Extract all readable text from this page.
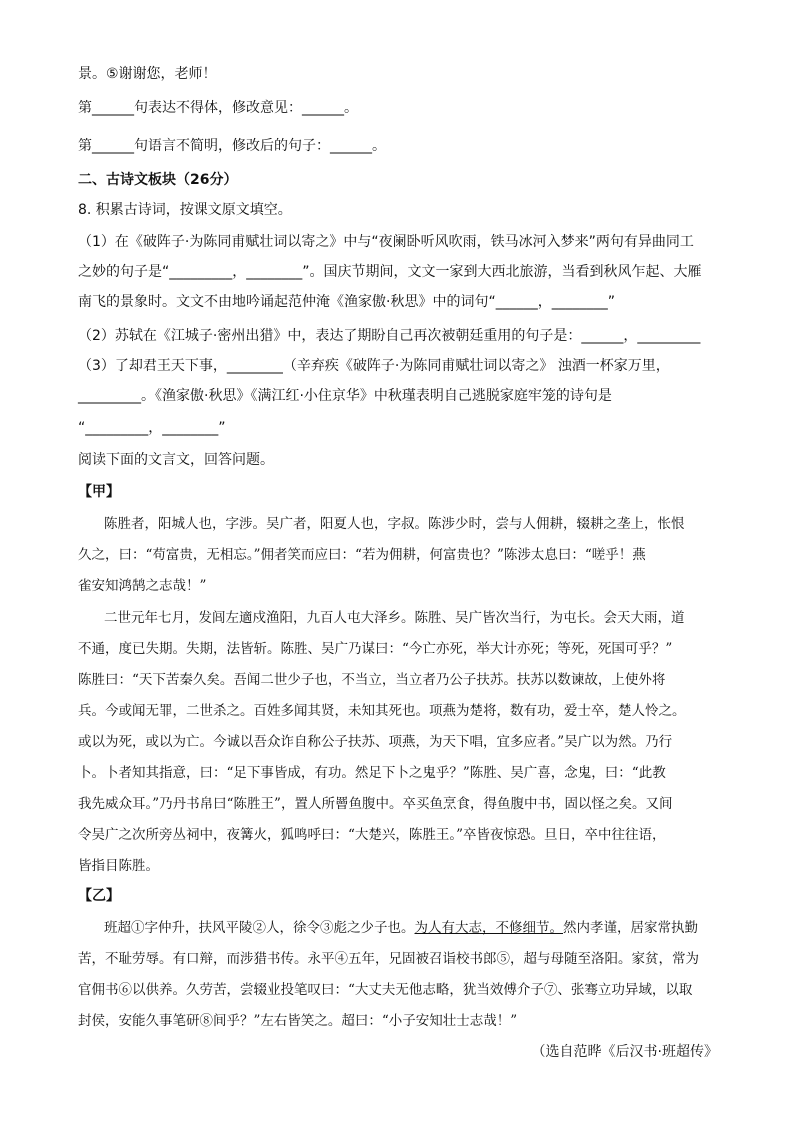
景。⑤谢谢您，老师！
第______句表达不得体，修改意见：______。
第______句语言不简明，修改后的句子：______。
二、古诗文板块（26分）
8. 积累古诗词，按课文原文填空。
（1）在《破阵子·为陈同甫赋壮词以寄之》中与“夜阑卧听风吹雨，铁马冰河入梦来”两句有异曲同工
之妙的句子是“_________，________”。国庆节期间，文文一家到大西北旅游，当看到秋风乍起、大雁
南飞的景象时。文文不由地吟诵起范仲淹《渔家傲·秋思》中的词句“______，________”
（2）苏轼在《江城子·密州出猎》中，表达了期盼自己再次被朝廷重用的句子是：______，_________
（3）了却君王天下事，________（辛弃疾《破阵子·为陈同甫赋壮词以寄之》 浊酒一杯家万里，
_________。《渔家傲·秋思》《满江红·小住京华》中秋瑾表明自己逃脱家庭牢笼的诗句是
“_________，________”
阅读下面的文言文，回答问题。
【甲】
陈胜者，阳城人也，字涉。吴广者，阳夏人也，字叔。陈涉少时，尝与人佣耕，辍耕之垄上，怅恨
久之，曰：“苟富贵，无相忘。”佣者笑而应曰：“若为佣耕，何富贵也？”陈涉太息曰：“嗟乎！燕
雀安知鸿鹄之志哉！”
二世元年七月，发闾左適戍渔阳，九百人屯大泽乡。陈胜、吴广皆次当行，为屯长。会天大雨，道
不通，度已失期。失期，法皆斩。陈胜、吴广乃谋曰：“今亡亦死，举大计亦死；等死，死国可乎？”
陈胜曰：“天下苦秦久矣。吾闻二世少子也，不当立，当立者乃公子扶苏。扶苏以数谏故，上使外将
兵。今或闻无罪，二世杀之。百姓多闻其贤，未知其死也。项燕为楚将，数有功，爱士卒，楚人怜之。
或以为死，或以为亡。今诚以吾众诈自称公子扶苏、项燕，为天下唱，宜多应者。”吴广以为然。乃行
卜。卜者知其指意，曰：“足下事皆成，有功。然足下卜之鬼乎？”陈胜、吴广喜，念鬼，曰：“此教
我先威众耳。”乃丹书帛曰“陈胜王”，置人所罾鱼腹中。卒买鱼烹食，得鱼腹中书，固以怪之矣。又间
令吴广之次所旁丛祠中，夜篝火，狐鸣呼曰：“大楚兴，陈胜王。”卒皆夜惊恐。旦日，卒中往往语，
皆指目陈胜。
【乙】
苦，不耻劳辱。有口辩，而涉猎书传。永平④五年，兄固被召诣校书郎⑤，超与母随至洛阳。家贫，常为
官佣书⑥以供养。久劳苦，尝辍业投笔叹曰：“大丈夫无他志略，犹当效傅介子⑦、张骞立功异域，以取
封侯，安能久事笔研⑧间乎？”左右皆笑之。超曰：“小子安知壮士志哉！”
班超①字仲升，扶风平陵②人，徐令③彪之少子也。为人有大志，不修细节。然内孝谨，居家常执勤
（选自范晔《后汉书·班超传》
